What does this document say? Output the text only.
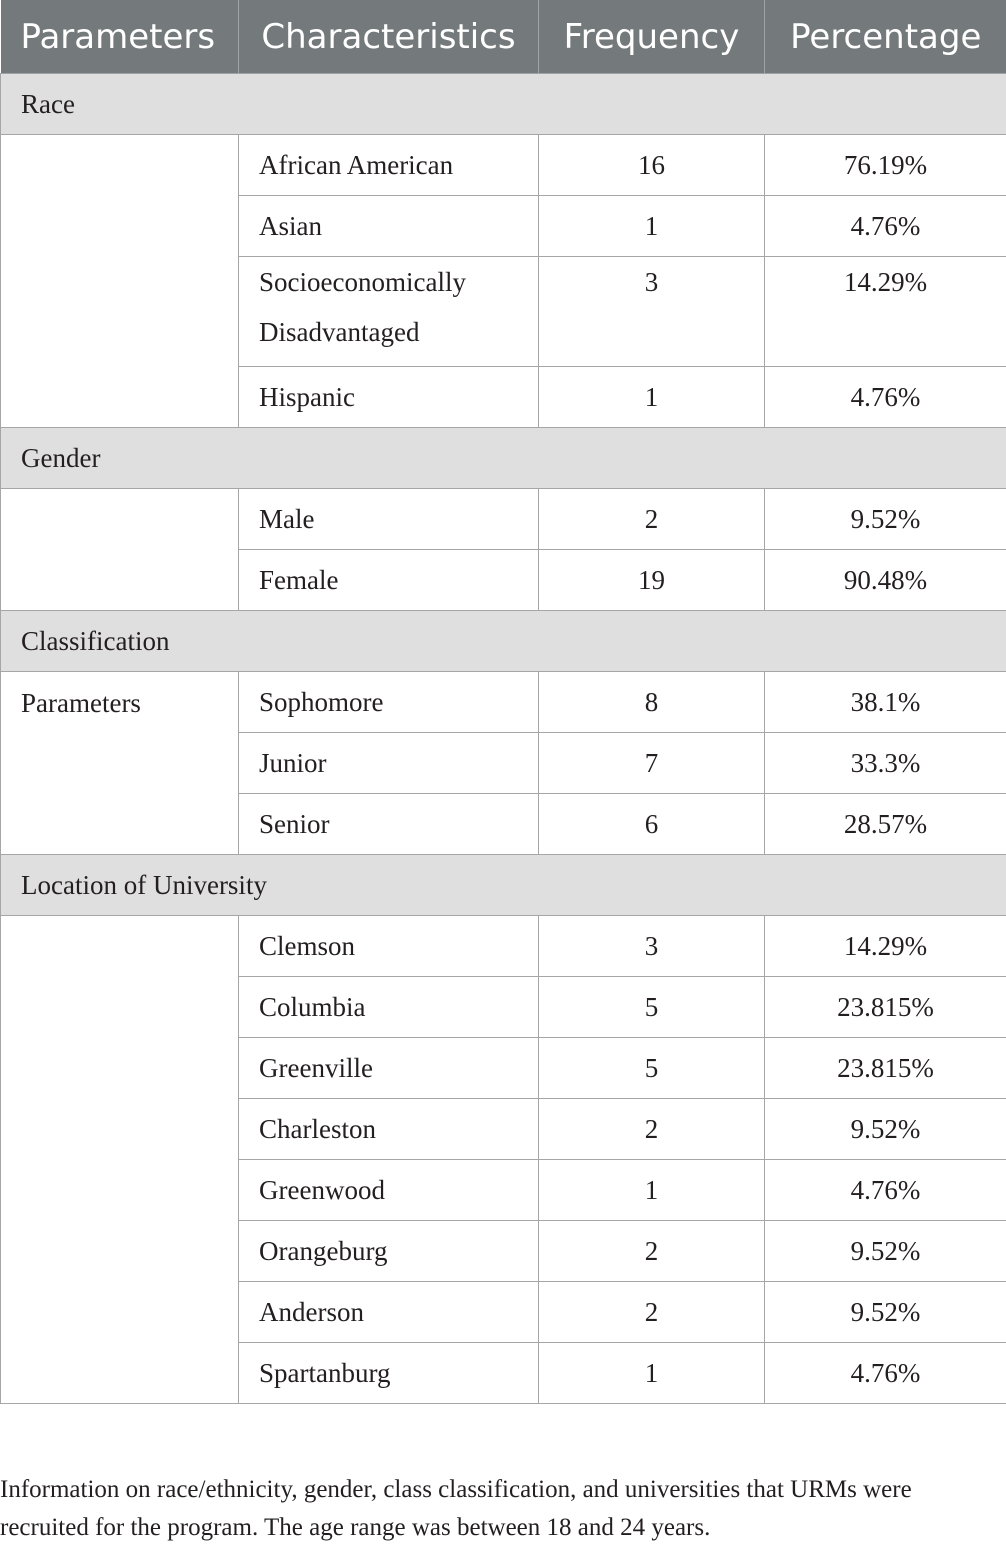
Parameters	Characteristics	Frequency	Percentage
Race			
	African American	16	76.19%
	Asian	1	4.76%
	Socioeconomically Disadvantaged	3	14.29%
	Hispanic	1	4.76%
Gender			
	Male	2	9.52%
	Female	19	90.48%
Classification			
Parameters	Sophomore	8	38.1%
	Junior	7	33.3%
	Senior	6	28.57%
Location of University			
	Clemson	3	14.29%
	Columbia	5	23.815%
	Greenville	5	23.815%
	Charleston	2	9.52%
	Greenwood	1	4.76%
	Orangeburg	2	9.52%
	Anderson	2	9.52%
	Spartanburg	1	4.76%

Information on race/ethnicity, gender, class classification, and universities that URMs were recruited for the program. The age range was between 18 and 24 years.
